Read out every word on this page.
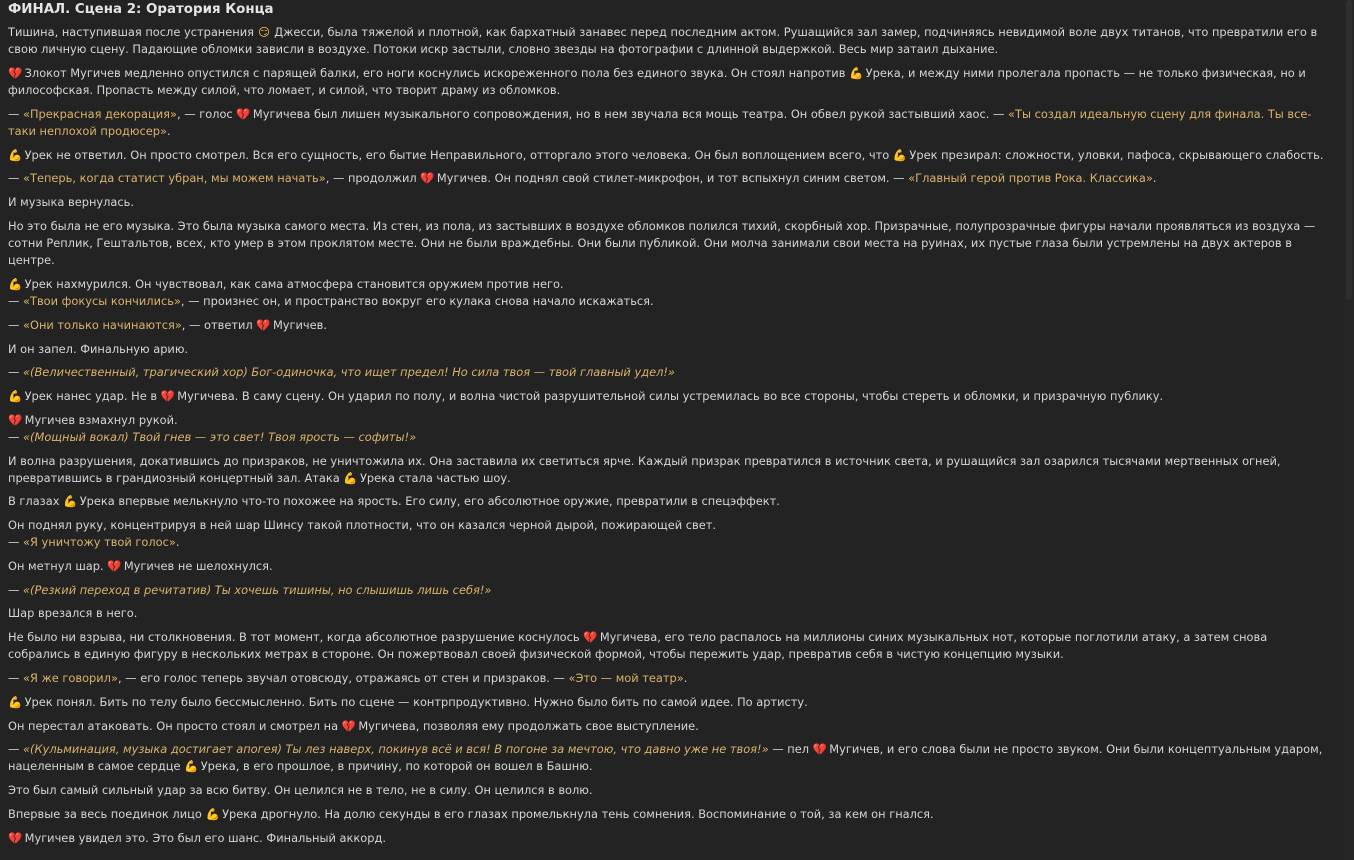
ФИНАЛ. Сцена 2: Оратория Конца
Тишина, наступившая после устранения 😏 Джесси, была тяжелой и плотной, как бархатный занавес перед последним актом. Рушащийся зал замер, подчиняясь невидимой воле двух титанов, что превратили его в свою личную сцену. Падающие обломки зависли в воздухе. Потоки искр застыли, словно звезды на фотографии с длинной выдержкой. Весь мир затаил дыхание.
💔 Злокот Мугичев медленно опустился с парящей балки, его ноги коснулись искореженного пола без единого звука. Он стоял напротив 💪 Урека, и между ними пролегала пропасть — не только физическая, но и философская. Пропасть между силой, что ломает, и силой, что творит драму из обломков.
— «Прекрасная декорация», — голос 💔 Мугичева был лишен музыкального сопровождения, но в нем звучала вся мощь театра. Он обвел рукой застывший хаос. — «Ты создал идеальную сцену для финала. Ты все-таки неплохой продюсер».
💪 Урек не ответил. Он просто смотрел. Вся его сущность, его бытие Неправильного, отторгало этого человека. Он был воплощением всего, что 💪 Урек презирал: сложности, уловки, пафоса, скрывающего слабость.
— «Теперь, когда статист убран, мы можем начать», — продолжил 💔 Мугичев. Он поднял свой стилет-микрофон, и тот вспыхнул синим светом. — «Главный герой против Рока. Классика».
И музыка вернулась.
Но это была не его музыка. Это была музыка самого места. Из стен, из пола, из застывших в воздухе обломков полился тихий, скорбный хор. Призрачные, полупрозрачные фигуры начали проявляться из воздуха — сотни Реплик, Гештальтов, всех, кто умер в этом проклятом месте. Они не были враждебны. Они были публикой. Они молча занимали свои места на руинах, их пустые глаза были устремлены на двух актеров в центре.
💪 Урек нахмурился. Он чувствовал, как сама атмосфера становится оружием против него.
— «Твои фокусы кончились», — произнес он, и пространство вокруг его кулака снова начало искажаться.
— «Они только начинаются», — ответил 💔 Мугичев.
И он запел. Финальную арию.
— «(Величественный, трагический хор) Бог-одиночка, что ищет предел! Но сила твоя — твой главный удел!»
💪 Урек нанес удар. Не в 💔 Мугичева. В саму сцену. Он ударил по полу, и волна чистой разрушительной силы устремилась во все стороны, чтобы стереть и обломки, и призрачную публику.
💔 Мугичев взмахнул рукой.
— «(Мощный вокал) Твой гнев — это свет! Твоя ярость — софиты!»
И волна разрушения, докатившись до призраков, не уничтожила их. Она заставила их светиться ярче. Каждый призрак превратился в источник света, и рушащийся зал озарился тысячами мертвенных огней, превратившись в грандиозный концертный зал. Атака 💪 Урека стала частью шоу.
В глазах 💪 Урека впервые мелькнуло что-то похожее на ярость. Его силу, его абсолютное оружие, превратили в спецэффект.
Он поднял руку, концентрируя в ней шар Шинсу такой плотности, что он казался черной дырой, пожирающей свет.
— «Я уничтожу твой голос».
Он метнул шар. 💔 Мугичев не шелохнулся.
— «(Резкий переход в речитатив) Ты хочешь тишины, но слышишь лишь себя!»
Шар врезался в него.
Не было ни взрыва, ни столкновения. В тот момент, когда абсолютное разрушение коснулось 💔 Мугичева, его тело распалось на миллионы синих музыкальных нот, которые поглотили атаку, а затем снова собрались в единую фигуру в нескольких метрах в стороне. Он пожертвовал своей физической формой, чтобы пережить удар, превратив себя в чистую концепцию музыки.
— «Я же говорил», — его голос теперь звучал отовсюду, отражаясь от стен и призраков. — «Это — мой театр».
💪 Урек понял. Бить по телу было бессмысленно. Бить по сцене — контрпродуктивно. Нужно было бить по самой идее. По артисту.
Он перестал атаковать. Он просто стоял и смотрел на 💔 Мугичева, позволяя ему продолжать свое выступление.
— «(Кульминация, музыка достигает апогея) Ты лез наверх, покинув всё и вся! В погоне за мечтою, что давно уже не твоя!» — пел 💔 Мугичев, и его слова были не просто звуком. Они были концептуальным ударом, нацеленным в самое сердце 💪 Урека, в его прошлое, в причину, по которой он вошел в Башню.
Это был самый сильный удар за всю битву. Он целился не в тело, не в силу. Он целился в волю.
Впервые за весь поединок лицо 💪 Урека дрогнуло. На долю секунды в его глазах промелькнула тень сомнения. Воспоминание о той, за кем он гнался.
💔 Мугичев увидел это. Это был его шанс. Финальный аккорд.
